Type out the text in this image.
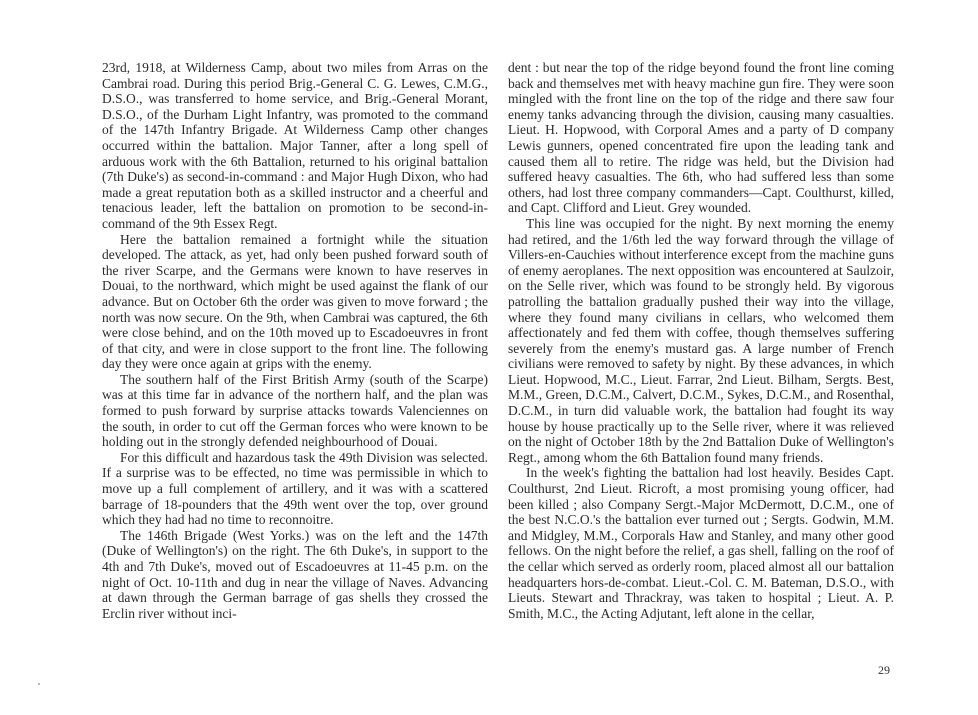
23rd, 1918, at Wilderness Camp, about two miles from Arras on the Cambrai road. During this period Brig.-General C. G. Lewes, C.M.G., D.S.O., was transferred to home service, and Brig.-General Morant, D.S.O., of the Durham Light Infantry, was promoted to the command of the 147th Infantry Brigade. At Wilderness Camp other changes occurred within the battalion. Major Tanner, after a long spell of arduous work with the 6th Battalion, returned to his original battalion (7th Duke's) as second-in-command : and Major Hugh Dixon, who had made a great reputation both as a skilled instructor and a cheerful and tenacious leader, left the battalion on promotion to be second-in-command of the 9th Essex Regt.

Here the battalion remained a fortnight while the situation developed. The attack, as yet, had only been pushed forward south of the river Scarpe, and the Germans were known to have reserves in Douai, to the northward, which might be used against the flank of our advance. But on October 6th the order was given to move forward ; the north was now secure. On the 9th, when Cambrai was captured, the 6th were close behind, and on the 10th moved up to Escadoeuvres in front of that city, and were in close support to the front line. The following day they were once again at grips with the enemy.

The southern half of the First British Army (south of the Scarpe) was at this time far in advance of the northern half, and the plan was formed to push forward by surprise attacks towards Valenciennes on the south, in order to cut off the German forces who were known to be holding out in the strongly defended neighbourhood of Douai.

For this difficult and hazardous task the 49th Division was selected. If a surprise was to be effected, no time was permissible in which to move up a full complement of artillery, and it was with a scattered barrage of 18-pounders that the 49th went over the top, over ground which they had had no time to reconnoitre.

The 146th Brigade (West Yorks.) was on the left and the 147th (Duke of Wellington's) on the right. The 6th Duke's, in support to the 4th and 7th Duke's, moved out of Escadoeuvres at 11-45 p.m. on the night of Oct. 10-11th and dug in near the village of Naves. Advancing at dawn through the German barrage of gas shells they crossed the Erclin river without inci-

dent : but near the top of the ridge beyond found the front line coming back and themselves met with heavy machine gun fire. They were soon mingled with the front line on the top of the ridge and there saw four enemy tanks advancing through the division, causing many casualties. Lieut. H. Hopwood, with Corporal Ames and a party of D company Lewis gunners, opened concentrated fire upon the leading tank and caused them all to retire. The ridge was held, but the Division had suffered heavy casualties. The 6th, who had suffered less than some others, had lost three company commanders—Capt. Coulthurst, killed, and Capt. Clifford and Lieut. Grey wounded.

This line was occupied for the night. By next morning the enemy had retired, and the 1/6th led the way forward through the village of Villers-en-Cauchies without interference except from the machine guns of enemy aeroplanes. The next opposition was encountered at Saulzoir, on the Selle river, which was found to be strongly held. By vigorous patrolling the battalion gradually pushed their way into the village, where they found many civilians in cellars, who welcomed them affectionately and fed them with coffee, though themselves suffering severely from the enemy's mustard gas. A large number of French civilians were removed to safety by night. By these advances, in which Lieut. Hopwood, M.C., Lieut. Farrar, 2nd Lieut. Bilham, Sergts. Best, M.M., Green, D.C.M., Calvert, D.C.M., Sykes, D.C.M., and Rosenthal, D.C.M., in turn did valuable work, the battalion had fought its way house by house practically up to the Selle river, where it was relieved on the night of October 18th by the 2nd Battalion Duke of Wellington's Regt., among whom the 6th Battalion found many friends.

In the week's fighting the battalion had lost heavily. Besides Capt. Coulthurst, 2nd Lieut. Ricroft, a most promising young officer, had been killed ; also Company Sergt.-Major McDermott, D.C.M., one of the best N.C.O.'s the battalion ever turned out ; Sergts. Godwin, M.M. and Midgley, M.M., Corporals Haw and Stanley, and many other good fellows. On the night before the relief, a gas shell, falling on the roof of the cellar which served as orderly room, placed almost all our battalion headquarters hors-de-combat. Lieut.-Col. C. M. Bateman, D.S.O., with Lieuts. Stewart and Thrackray, was taken to hospital ; Lieut. A. P. Smith, M.C., the Acting Adjutant, left alone in the cellar,

29
